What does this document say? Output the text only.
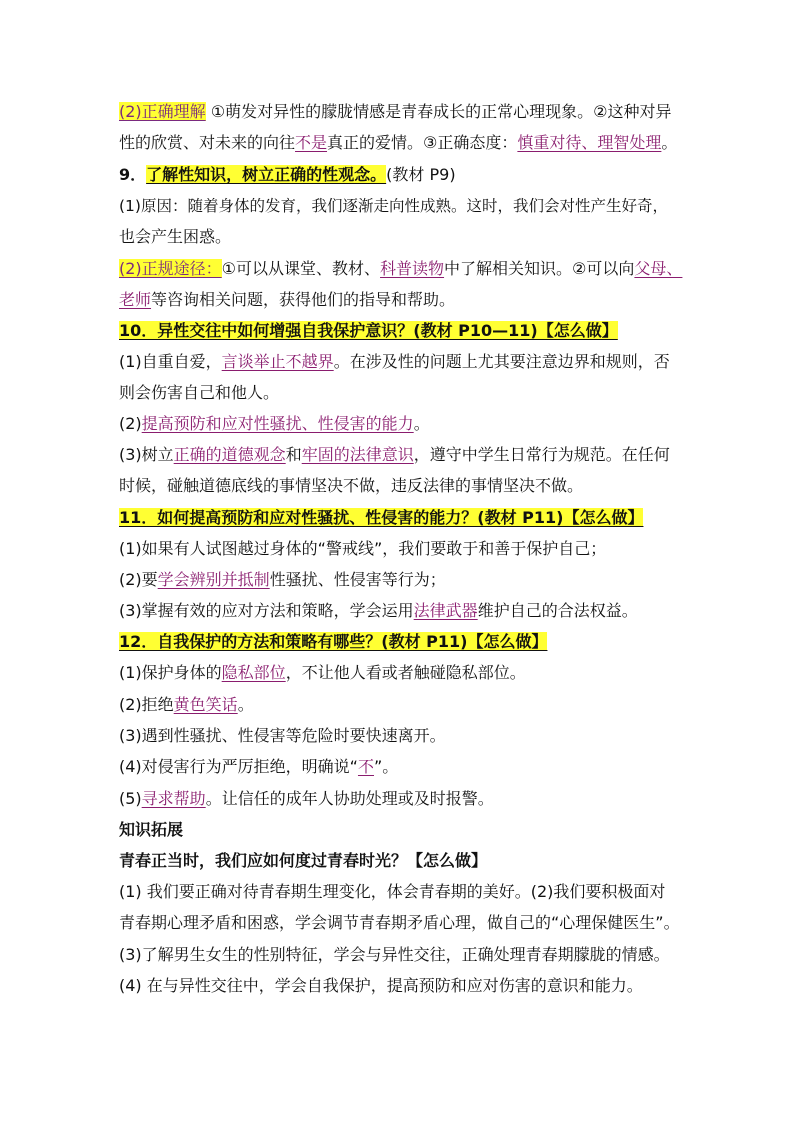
(2)正确理解 ①萌发对异性的朦胧情感是青春成长的正常心理现象。②这种对异
性的欣赏、对未来的向往不是真正的爱情。③正确态度：慎重对待、理智处理。
9．了解性知识，树立正确的性观念。(教材 P9)
(1)原因：随着身体的发育，我们逐渐走向性成熟。这时，我们会对性产生好奇，
也会产生困惑。
(2)正规途径：①可以从课堂、教材、科普读物中了解相关知识。②可以向父母、
老师等咨询相关问题，获得他们的指导和帮助。
10．异性交往中如何增强自我保护意识？(教材 P10—11)【怎么做】
(1)自重自爱，言谈举止不越界。在涉及性的问题上尤其要注意边界和规则，否
则会伤害自己和他人。
(2)提高预防和应对性骚扰、性侵害的能力。
(3)树立正确的道德观念和牢固的法律意识，遵守中学生日常行为规范。在任何
时候，碰触道德底线的事情坚决不做，违反法律的事情坚决不做。
11．如何提高预防和应对性骚扰、性侵害的能力？(教材 P11)【怎么做】
(1)如果有人试图越过身体的“警戒线”，我们要敢于和善于保护自己；
(2)要学会辨别并抵制性骚扰、性侵害等行为；
(3)掌握有效的应对方法和策略，学会运用法律武器维护自己的合法权益。
12．自我保护的方法和策略有哪些？(教材 P11)【怎么做】
(1)保护身体的隐私部位，不让他人看或者触碰隐私部位。
(2)拒绝黄色笑话。
(3)遇到性骚扰、性侵害等危险时要快速离开。
(4)对侵害行为严厉拒绝，明确说“不”。
(5)寻求帮助。让信任的成年人协助处理或及时报警。
知识拓展
青春正当时，我们应如何度过青春时光？【怎么做】
(1) 我们要正确对待青春期生理变化，体会青春期的美好。(2)我们要积极面对
青春期心理矛盾和困惑，学会调节青春期矛盾心理，做自己的“心理保健医生”。
(3)了解男生女生的性别特征，学会与异性交往，正确处理青春期朦胧的情感。
(4) 在与异性交往中，学会自我保护，提高预防和应对伤害的意识和能力。
